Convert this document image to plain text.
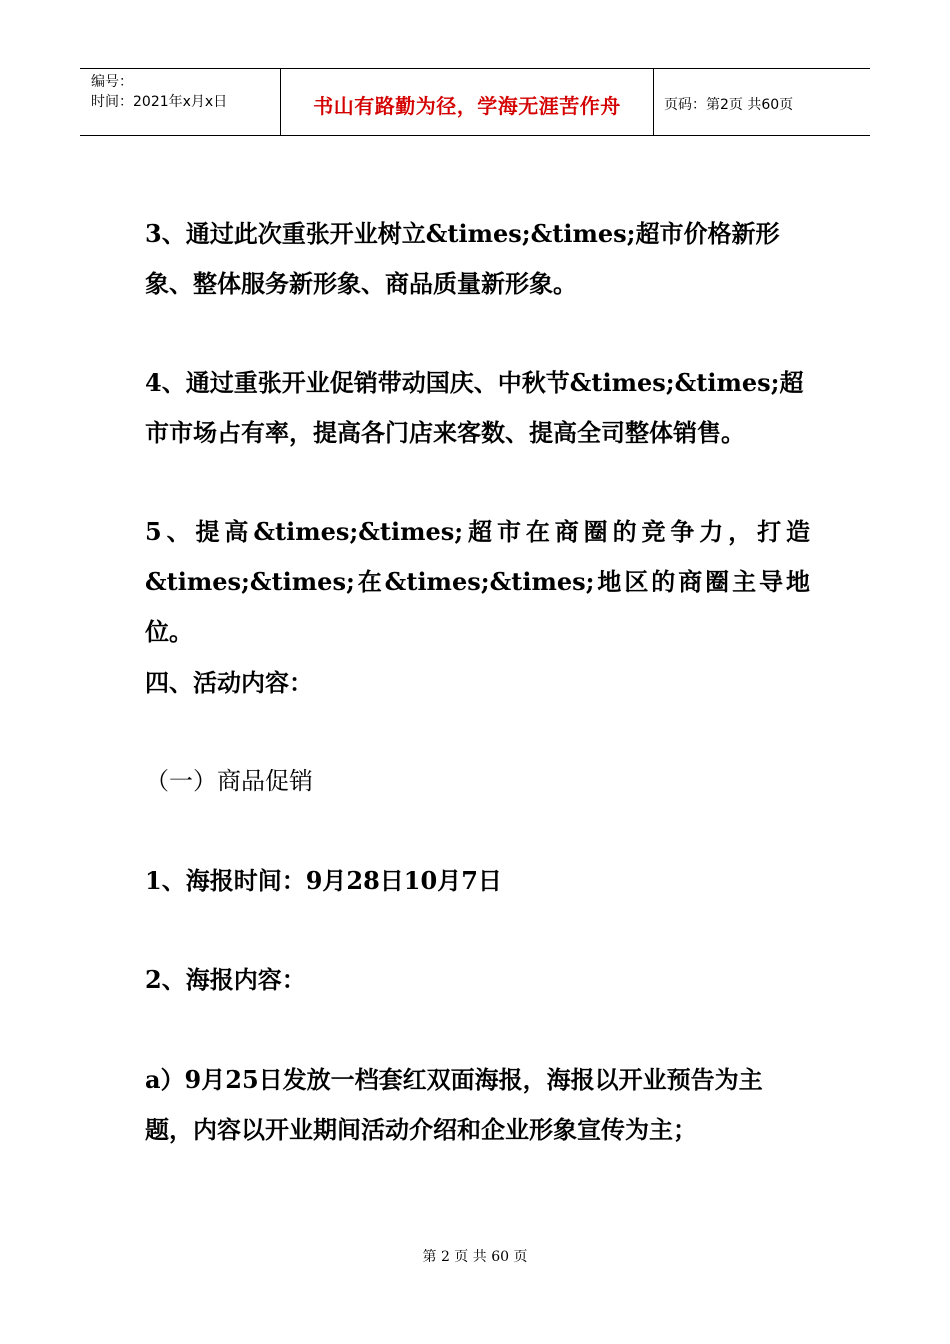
编号：
时间：2021年x月x日	书山有路勤为径，学海无涯苦作舟	页码：第2页 共60页

3、通过此次重张开业树立&times;&times;超市价格新形象、整体服务新形象、商品质量新形象。

4、通过重张开业促销带动国庆、中秋节&times;&times;超市市场占有率，提高各门店来客数、提高全司整体销售。

5、提高&times;&times;超市在商圈的竞争力，打造&times;&times;在&times;&times;地区的商圈主导地位。

四、活动内容：

（一）商品促销

1、海报时间：9月28日10月7日

2、海报内容：

a）9月25日发放一档套红双面海报，海报以开业预告为主题，内容以开业期间活动介绍和企业形象宣传为主；

第 2 页 共 60 页
